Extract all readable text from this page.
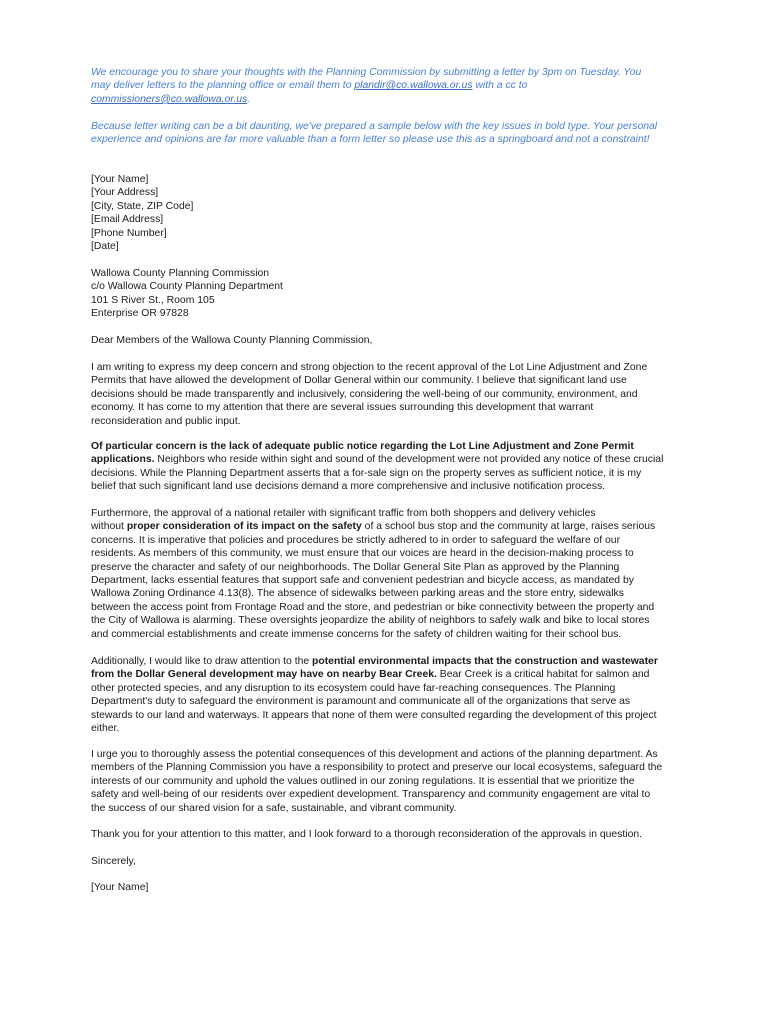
We encourage you to share your thoughts with the Planning Commission by submitting a letter by 3pm on Tuesday. You
may deliver letters to the planning office or email them to plandir@co.wallowa.or.us with a cc to
commissioners@co.wallowa.or.us.
Because letter writing can be a bit daunting, we've prepared a sample below with the key issues in bold type. Your personal
experience and opinions are far more valuable than a form letter so please use this as a springboard and not a constraint!
[Your Name]
[Your Address]
[City, State, ZIP Code]
[Email Address]
[Phone Number]
[Date]
Wallowa County Planning Commission
c/o Wallowa County Planning Department
101 S River St., Room 105
Enterprise OR 97828
Dear Members of the Wallowa County Planning Commission,
I am writing to express my deep concern and strong objection to the recent approval of the Lot Line Adjustment and Zone
Permits that have allowed the development of Dollar General within our community. I believe that significant land use
decisions should be made transparently and inclusively, considering the well-being of our community, environment, and
economy. It has come to my attention that there are several issues surrounding this development that warrant
reconsideration and public input.
Of particular concern is the lack of adequate public notice regarding the Lot Line Adjustment and Zone Permit
applications. Neighbors who reside within sight and sound of the development were not provided any notice of these crucial
decisions. While the Planning Department asserts that a for-sale sign on the property serves as sufficient notice, it is my
belief that such significant land use decisions demand a more comprehensive and inclusive notification process.
Furthermore, the approval of a national retailer with significant traffic from both shoppers and delivery vehicles
without proper consideration of its impact on the safety of a school bus stop and the community at large, raises serious
concerns. It is imperative that policies and procedures be strictly adhered to in order to safeguard the welfare of our
residents. As members of this community, we must ensure that our voices are heard in the decision-making process to
preserve the character and safety of our neighborhoods. The Dollar General Site Plan as approved by the Planning
Department, lacks essential features that support safe and convenient pedestrian and bicycle access, as mandated by
Wallowa Zoning Ordinance 4.13(8). The absence of sidewalks between parking areas and the store entry, sidewalks
between the access point from Frontage Road and the store, and pedestrian or bike connectivity between the property and
the City of Wallowa is alarming. These oversights jeopardize the ability of neighbors to safely walk and bike to local stores
and commercial establishments and create immense concerns for the safety of children waiting for their school bus.
Additionally, I would like to draw attention to the potential environmental impacts that the construction and wastewater
from the Dollar General development may have on nearby Bear Creek. Bear Creek is a critical habitat for salmon and
other protected species, and any disruption to its ecosystem could have far-reaching consequences. The Planning
Department's duty to safeguard the environment is paramount and communicate all of the organizations that serve as
stewards to our land and waterways. It appears that none of them were consulted regarding the development of this project
either.
I urge you to thoroughly assess the potential consequences of this development and actions of the planning department. As
members of the Planning Commission you have a responsibility to protect and preserve our local ecosystems, safeguard the
interests of our community and uphold the values outlined in our zoning regulations. It is essential that we prioritize the
safety and well-being of our residents over expedient development. Transparency and community engagement are vital to
the success of our shared vision for a safe, sustainable, and vibrant community.
Thank you for your attention to this matter, and I look forward to a thorough reconsideration of the approvals in question.
Sincerely,
[Your Name]
